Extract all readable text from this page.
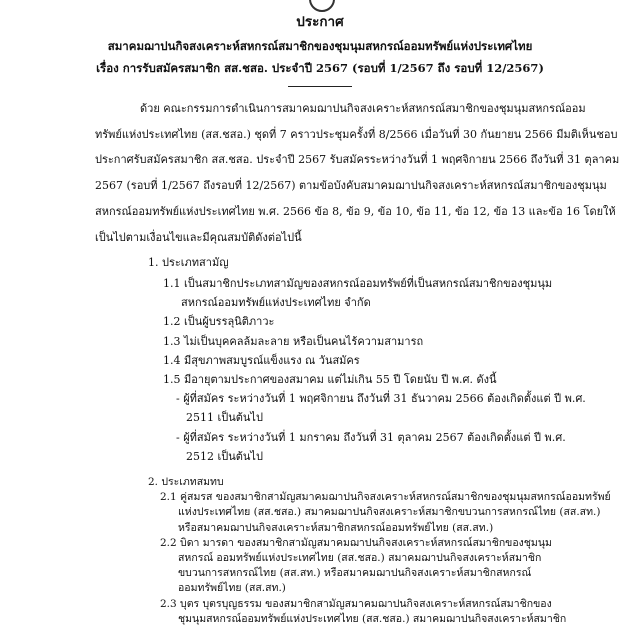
ประกาศ
สมาคมฌาปนกิจสงเคราะห์สหกรณ์สมาชิกของชุมนุมสหกรณ์ออมทรัพย์แห่งประเทศไทย
เรื่อง การรับสมัครสมาชิก สส.ชสอ. ประจำปี 2567 (รอบที่ 1/2567 ถึง รอบที่ 12/2567)
ด้วย คณะกรรมการดำเนินการสมาคมฌาปนกิจสงเคราะห์สหกรณ์สมาชิกของชุมนุมสหกรณ์ออม
ทรัพย์แห่งประเทศไทย (สส.ชสอ.) ชุดที่ 7 คราวประชุมครั้งที่ 8/2566 เมื่อวันที่ 30 กันยายน 2566 มีมติเห็นชอบ
ประกาศรับสมัครสมาชิก สส.ชสอ. ประจำปี 2567 รับสมัครระหว่างวันที่ 1 พฤศจิกายน 2566 ถึงวันที่ 31 ตุลาคม
2567 (รอบที่ 1/2567 ถึงรอบที่ 12/2567) ตามข้อบังคับสมาคมฌาปนกิจสงเคราะห์สหกรณ์สมาชิกของชุมนุม
สหกรณ์ออมทรัพย์แห่งประเทศไทย พ.ศ. 2566 ข้อ 8, ข้อ 9, ข้อ 10, ข้อ 11, ข้อ 12, ข้อ 13 และข้อ 16 โดยให้
เป็นไปตามเงื่อนไขและมีคุณสมบัติดังต่อไปนี้
1. ประเภทสามัญ
1.1 เป็นสมาชิกประเภทสามัญของสหกรณ์ออมทรัพย์ที่เป็นสหกรณ์สมาชิกของชุมนุม
สหกรณ์ออมทรัพย์แห่งประเทศไทย จำกัด
1.2 เป็นผู้บรรลุนิติภาวะ
1.3 ไม่เป็นบุคคลล้มละลาย หรือเป็นคนไร้ความสามารถ
1.4 มีสุขภาพสมบูรณ์แข็งแรง ณ วันสมัคร
1.5 มีอายุตามประกาศของสมาคม แต่ไม่เกิน 55 ปี โดยนับ ปี พ.ศ. ดังนี้
- ผู้ที่สมัคร ระหว่างวันที่ 1 พฤศจิกายน ถึงวันที่ 31 ธันวาคม 2566 ต้องเกิดตั้งแต่ ปี พ.ศ.
2511 เป็นต้นไป
- ผู้ที่สมัคร ระหว่างวันที่ 1 มกราคม ถึงวันที่ 31 ตุลาคม 2567 ต้องเกิดตั้งแต่ ปี พ.ศ.
2512 เป็นต้นไป
2. ประเภทสมทบ
2.1 คู่สมรส ของสมาชิกสามัญสมาคมฌาปนกิจสงเคราะห์สหกรณ์สมาชิกของชุมนุมสหกรณ์ออมทรัพย์
แห่งประเทศไทย (สส.ชสอ.) สมาคมฌาปนกิจสงเคราะห์สมาชิกขบวนการสหกรณ์ไทย (สส.สท.)
หรือสมาคมฌาปนกิจสงเคราะห์สมาชิกสหกรณ์ออมทรัพย์ไทย (สส.สท.)
2.2 บิดา มารดา ของสมาชิกสามัญสมาคมฌาปนกิจสงเคราะห์สหกรณ์สมาชิกของชุมนุม
สหกรณ์ ออมทรัพย์แห่งประเทศไทย (สส.ชสอ.) สมาคมฌาปนกิจสงเคราะห์สมาชิก
ขบวนการสหกรณ์ไทย (สส.สท.) หรือสมาคมฌาปนกิจสงเคราะห์สมาชิกสหกรณ์
ออมทรัพย์ไทย (สส.สท.)
2.3 บุตร บุตรบุญธรรม ของสมาชิกสามัญสมาคมฌาปนกิจสงเคราะห์สหกรณ์สมาชิกของ
ชุมนุมสหกรณ์ออมทรัพย์แห่งประเทศไทย (สส.ชสอ.) สมาคมฌาปนกิจสงเคราะห์สมาชิก
